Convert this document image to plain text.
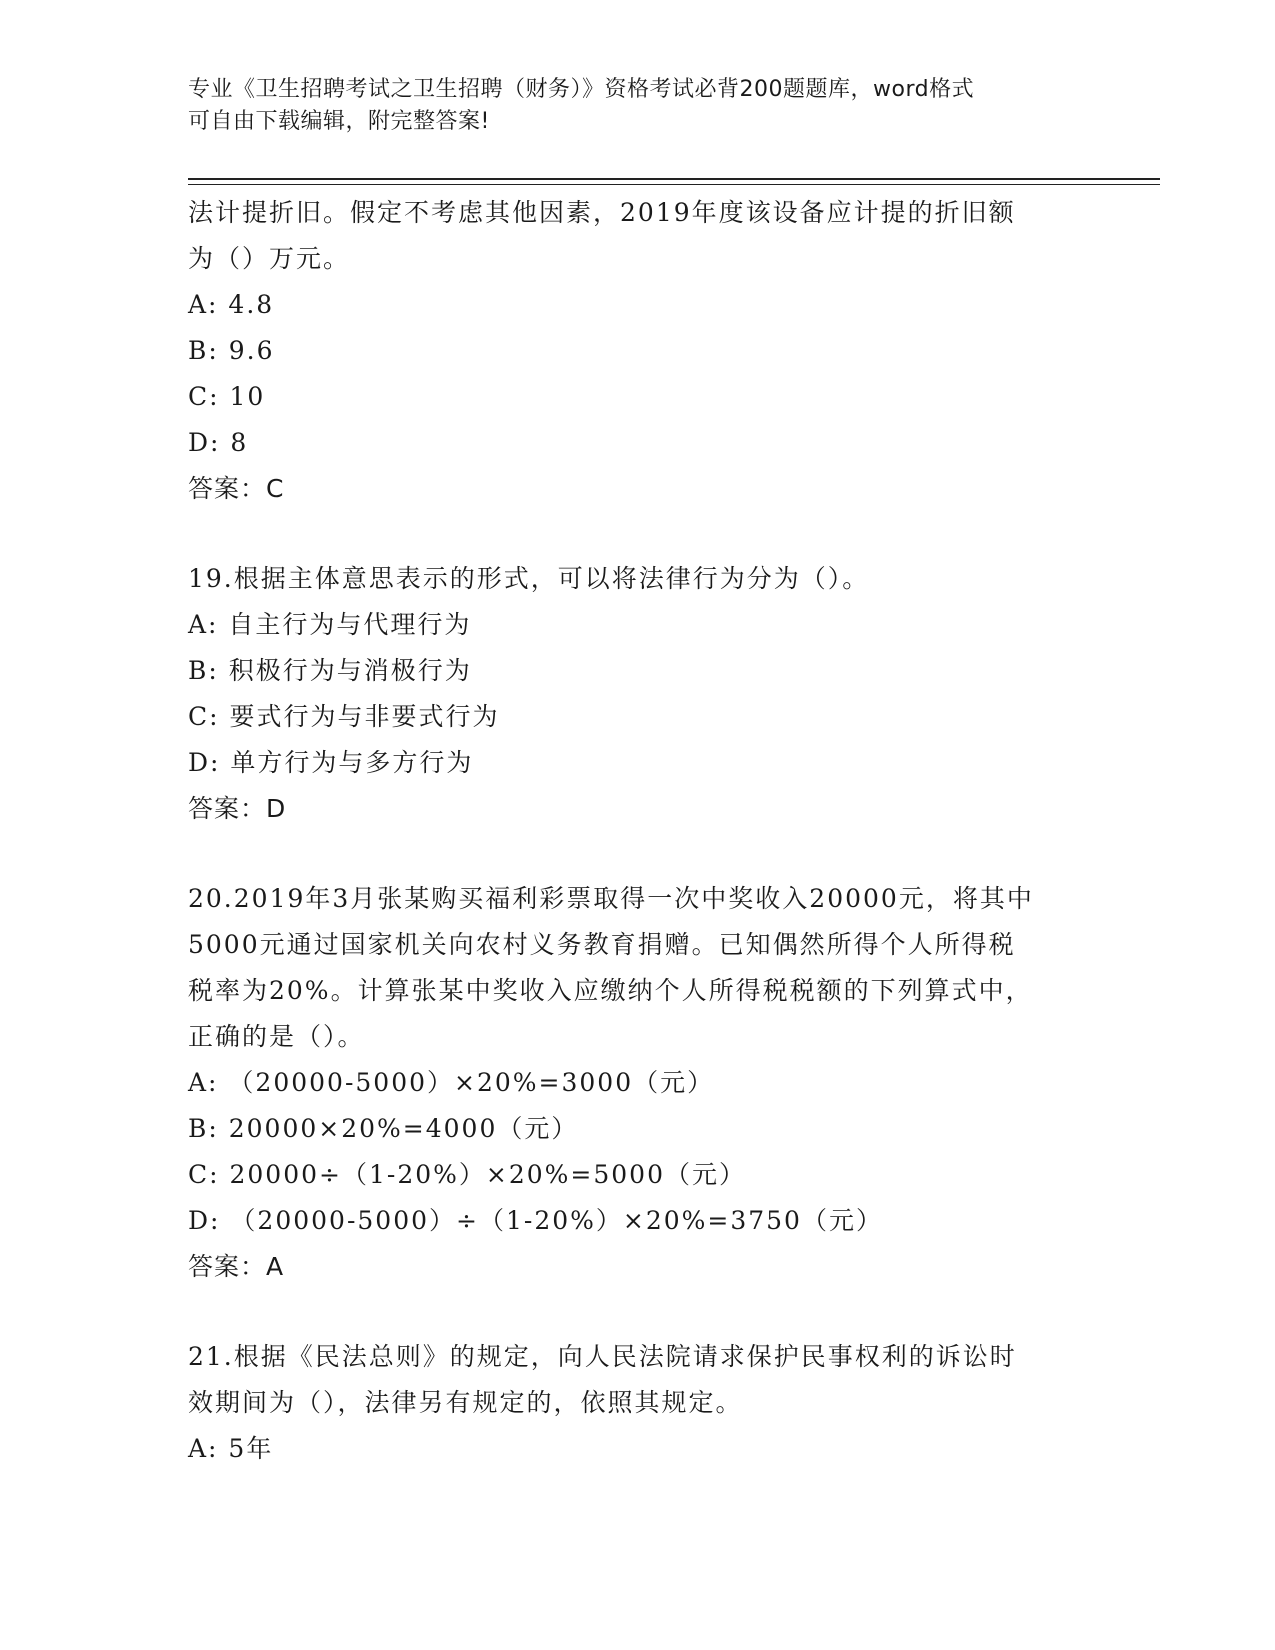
专业《卫生招聘考试之卫生招聘（财务）》资格考试必背200题题库，word格式
可自由下载编辑，附完整答案!
法计提折旧。假定不考虑其他因素，2019年度该设备应计提的折旧额
为（）万元。
A: 4.8
B: 9.6
C: 10
D: 8
答案：C
19.根据主体意思表示的形式，可以将法律行为分为（）。
A: 自主行为与代理行为
B: 积极行为与消极行为
C: 要式行为与非要式行为
D: 单方行为与多方行为
答案：D
20.2019年3月张某购买福利彩票取得一次中奖收入20000元，将其中
5000元通过国家机关向农村义务教育捐赠。已知偶然所得个人所得税
税率为20%。计算张某中奖收入应缴纳个人所得税税额的下列算式中，
正确的是（）。
A: （20000-5000）×20%=3000（元）
B: 20000×20%=4000（元）
C: 20000÷（1-20%）×20%=5000（元）
D: （20000-5000）÷（1-20%）×20%=3750（元）
答案：A
21.根据《民法总则》的规定，向人民法院请求保护民事权利的诉讼时
效期间为（），法律另有规定的，依照其规定。
A: 5年
